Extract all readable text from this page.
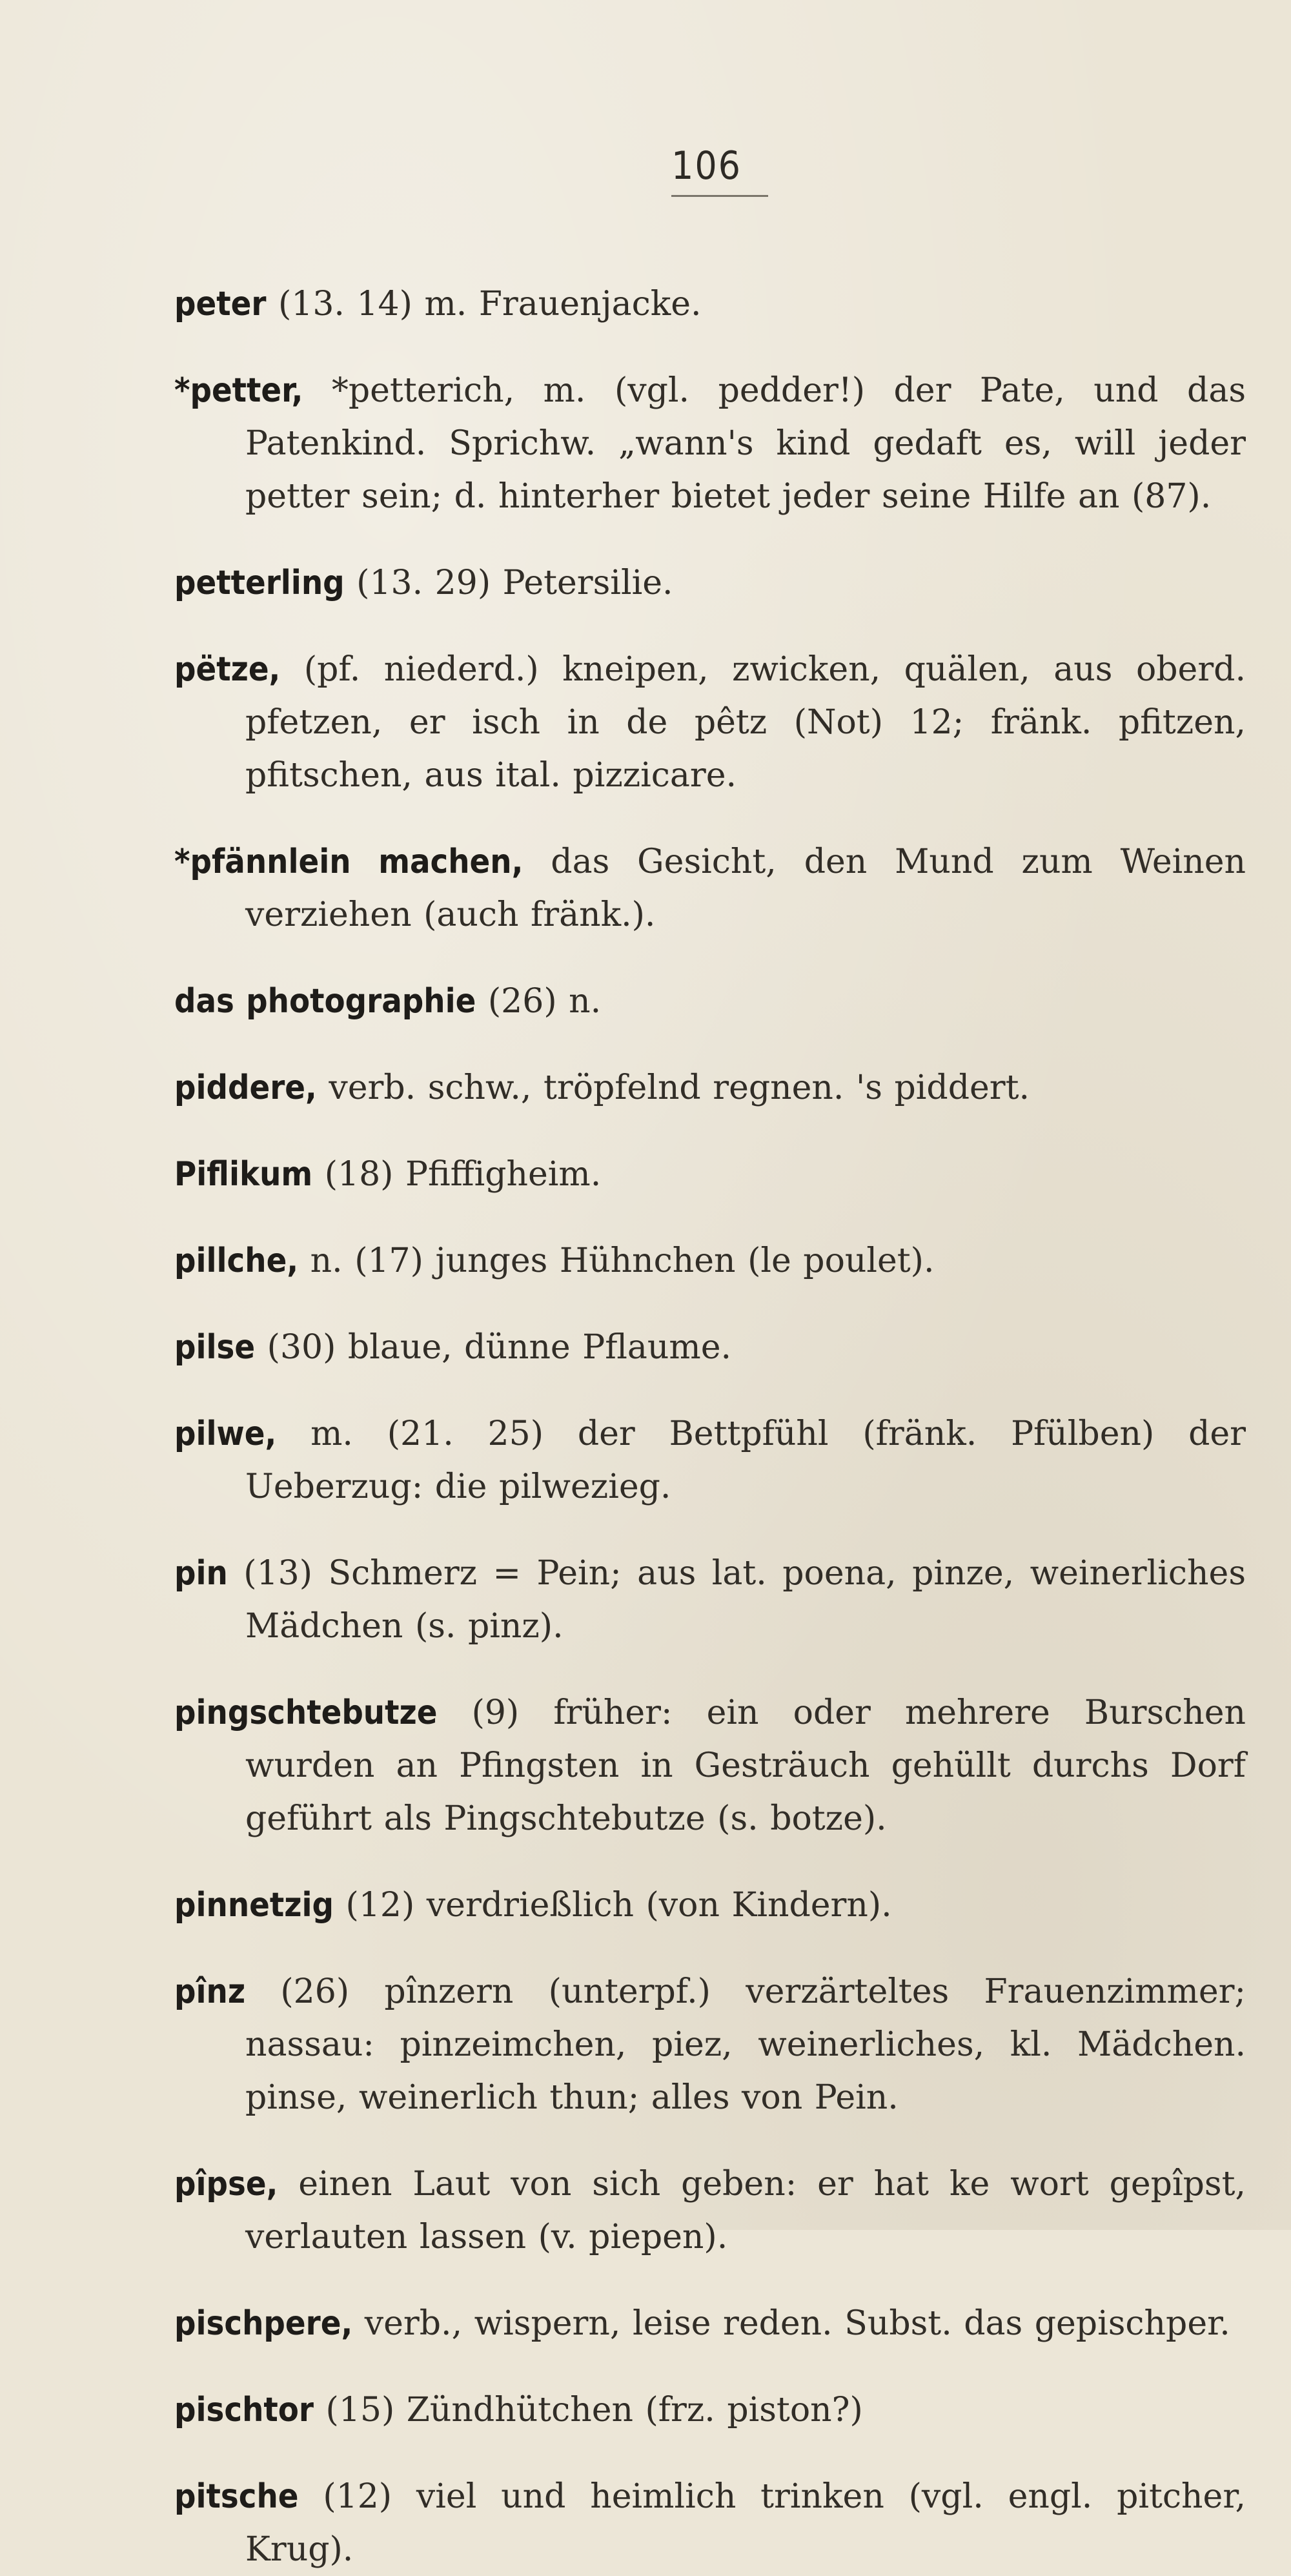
106

peter (13. 14) m. Frauenjacke.

*petter, *petterich, m. (vgl. pedder!) der Pate, und das Patenkind. Sprichw. „wann's kind gedaft es, will jeder petter sein; d. hinterher bietet jeder seine Hilfe an (87).

petterling (13. 29) Petersilie.

pëtze, (pf. niederd.) kneipen, zwicken, quälen, aus oberd. pfetzen, er isch in de pêtz (Not) 12; fränk. pfitzen, pfitschen, aus ital. pizzicare.

*pfännlein machen, das Gesicht, den Mund zum Weinen verziehen (auch fränk.).

das photographie (26) n.

piddere, verb. schw., tröpfelnd regnen. 's piddert.

Piflikum (18) Pfiffigheim.

pillche, n. (17) junges Hühnchen (le poulet).

pilse (30) blaue, dünne Pflaume.

pilwe, m. (21. 25) der Bettpfühl (fränk. Pfülben) der Ueberzug: die pilwezieg.

pin (13) Schmerz = Pein; aus lat. poena, pinze, weinerliches Mädchen (s. pinz).

pingschtebutze (9) früher: ein oder mehrere Burschen wurden an Pfingsten in Gesträuch gehüllt durchs Dorf geführt als Pingschtebutze (s. botze).

pinnetzig (12) verdrießlich (von Kindern).

pînz (26) pînzern (unterpf.) verzärteltes Frauenzimmer; nassau: pinzeimchen, piez, weinerliches, kl. Mädchen. pinse, weinerlich thun; alles von Pein.

pîpse, einen Laut von sich geben: er hat ke wort gepîpst, verlauten lassen (v. piepen).

pischpere, verb., wispern, leise reden. Subst. das gepischper.

pischtor (15) Zündhütchen (frz. piston?)

pitsche (12) viel und heimlich trinken (vgl. engl. pitcher, Krug).
